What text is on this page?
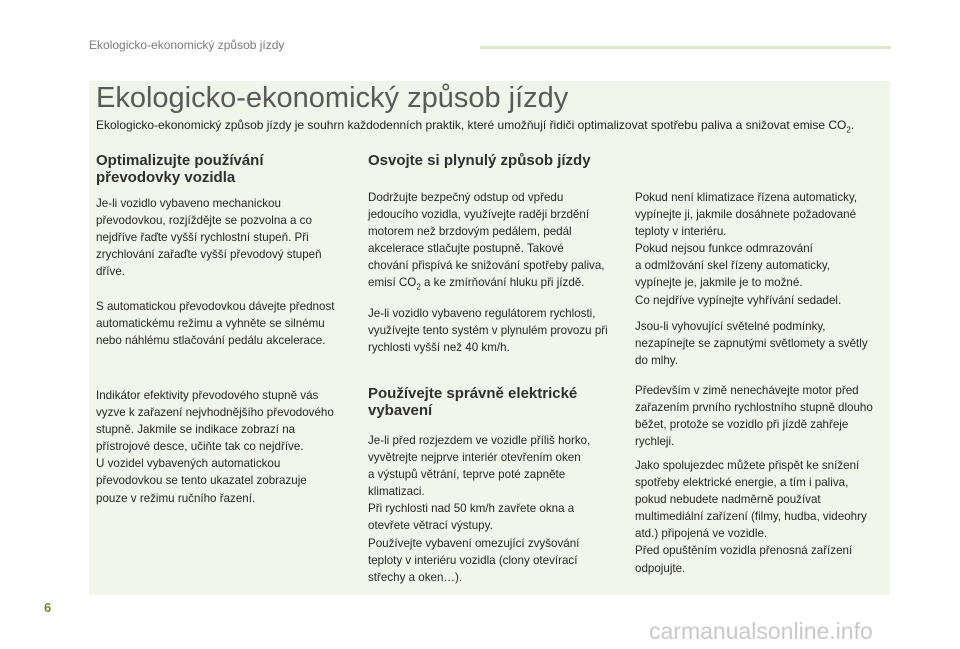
Ekologicko-ekonomický způsob jízdy
Ekologicko-ekonomický způsob jízdy
Ekologicko-ekonomický způsob jízdy je souhrn každodenních praktik, které umožňují řidiči optimalizovat spotřebu paliva a snižovat emise $CO_2$.
Optimalizujte používání převodovky vozidla
Je-li vozidlo vybaveno mechanickou
převodovkou, rozjíždějte se pozvolna a co
nejdříve řaďte vyšší rychlostní stupeň. Při
zrychlování zařaďte vyšší převodový stupeň
dříve.
S automatickou převodovkou dávejte přednost
automatickému režimu a vyhněte se silnému
nebo náhlému stlačování pedálu akcelerace.
Indikátor efektivity převodového stupně vás
vyzve k zařazení nejvhodnějšího převodového
stupně. Jakmile se indikace zobrazí na
přístrojové desce, učiňte tak co nejdříve.
U vozidel vybavených automatickou
převodovkou se tento ukazatel zobrazuje
pouze v režimu ručního řazení.
Osvojte si plynulý způsob jízdy
Dodržujte bezpečný odstup od vpředu
jedoucího vozidla, využívejte raději brzdění
motorem než brzdovým pedálem, pedál
akcelerace stlačujte postupně. Takové
chování přispívá ke snižování spotřeby paliva,
emisí $CO_2$ a ke zmírňování hluku při jízdě.
Je-li vozidlo vybaveno regulátorem rychlosti,
využívejte tento systém v plynulém provozu při
rychlosti vyšší než 40 km/h.
Používejte správně elektrické vybavení
Je-li před rozjezdem ve vozidle příliš horko,
vyvětrejte nejprve interiér otevřením oken
a výstupů větrání, teprve poté zapněte
klimatizaci.
Při rychlosti nad 50 km/h zavřete okna a
otevřete větrací výstupy.
Používejte vybavení omezující zvyšování
teploty v interiéru vozidla (clony otevírací
střechy a oken…).
Pokud není klimatizace řízena automaticky,
vypínejte ji, jakmile dosáhnete požadované
teploty v interiéru.
Pokud nejsou funkce odmrazování
a odmlžování skel řízeny automaticky,
vypínejte je, jakmile je to možné.
Co nejdříve vypínejte vyhřívání sedadel.
Jsou-li vyhovující světelné podmínky,
nezapínejte se zapnutými světlomety a světly
do mlhy.
Především v zimě nenechávejte motor před
zařazením prvního rychlostního stupně dlouho
běžet, protože se vozidlo při jízdě zahřeje
rychleji.
Jako spolujezdec můžete přispět ke snížení
spotřeby elektrické energie, a tím i paliva,
pokud nebudete nadměrně používat
multimediální zařízení (filmy, hudba, videohry
atd.) připojená ve vozidle.
Před opuštěním vozidla přenosná zařízení
odpojujte.
6
carmanualsonline.info
